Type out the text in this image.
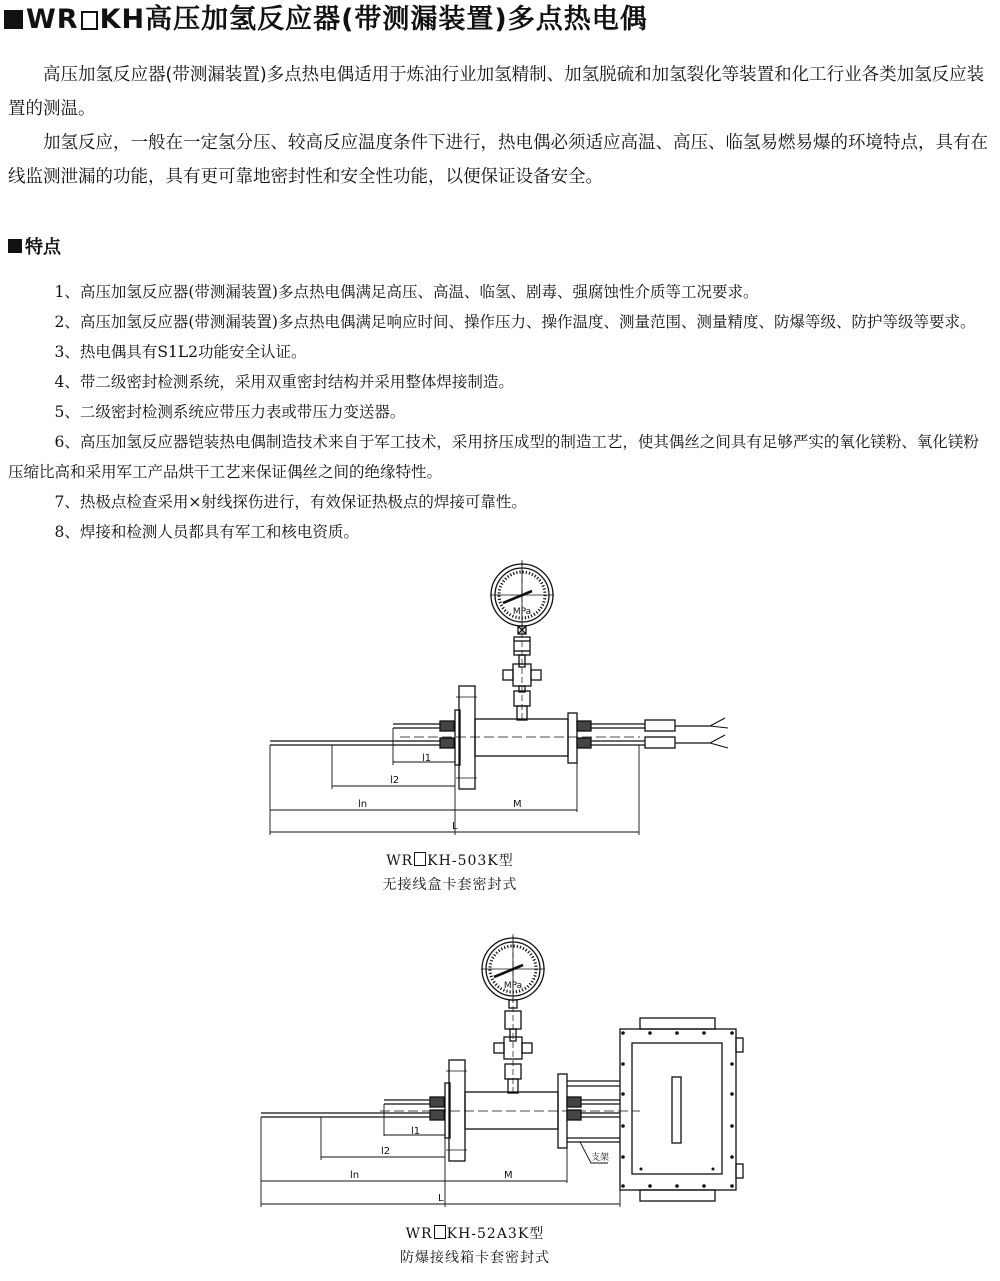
WR KH高压加氢反应器(带测漏装置)多点热电偶

高压加氢反应器(带测漏装置)多点热电偶适用于炼油行业加氢精制、加氢脱硫和加氢裂化等装置和化工行业各类加氢反应装置的测温。

加氢反应，一般在一定氢分压、较高反应温度条件下进行，热电偶必须适应高温、高压、临氢易燃易爆的环境特点，具有在线监测泄漏的功能，具有更可靠地密封性和安全性功能，以便保证设备安全。

特点

1、高压加氢反应器(带测漏装置)多点热电偶满足高压、高温、临氢、剧毒、强腐蚀性介质等工况要求。

2、高压加氢反应器(带测漏装置)多点热电偶满足响应时间、操作压力、操作温度、测量范围、测量精度、防爆等级、防护等级等要求。

3、热电偶具有S1L2功能安全认证。

4、带二级密封检测系统，采用双重密封结构并采用整体焊接制造。

5、二级密封检测系统应带压力表或带压力变送器。

6、高压加氢反应器铠装热电偶制造技术来自于军工技术，采用挤压成型的制造工艺，使其偶丝之间具有足够严实的氧化镁粉、氧化镁粉压缩比高和采用军工产品烘干工艺来保证偶丝之间的绝缘特性。

7、热极点检查采用×射线探伤进行，有效保证热极点的焊接可靠性。

8、焊接和检测人员都具有军工和核电资质。

MPa
l1
l2
ln	M
L
WR KH-503K型
无接线盒卡套密封式
MPa
支架
l1
l2
ln	M
L
WR KH-52A3K型
防爆接线箱卡套密封式
